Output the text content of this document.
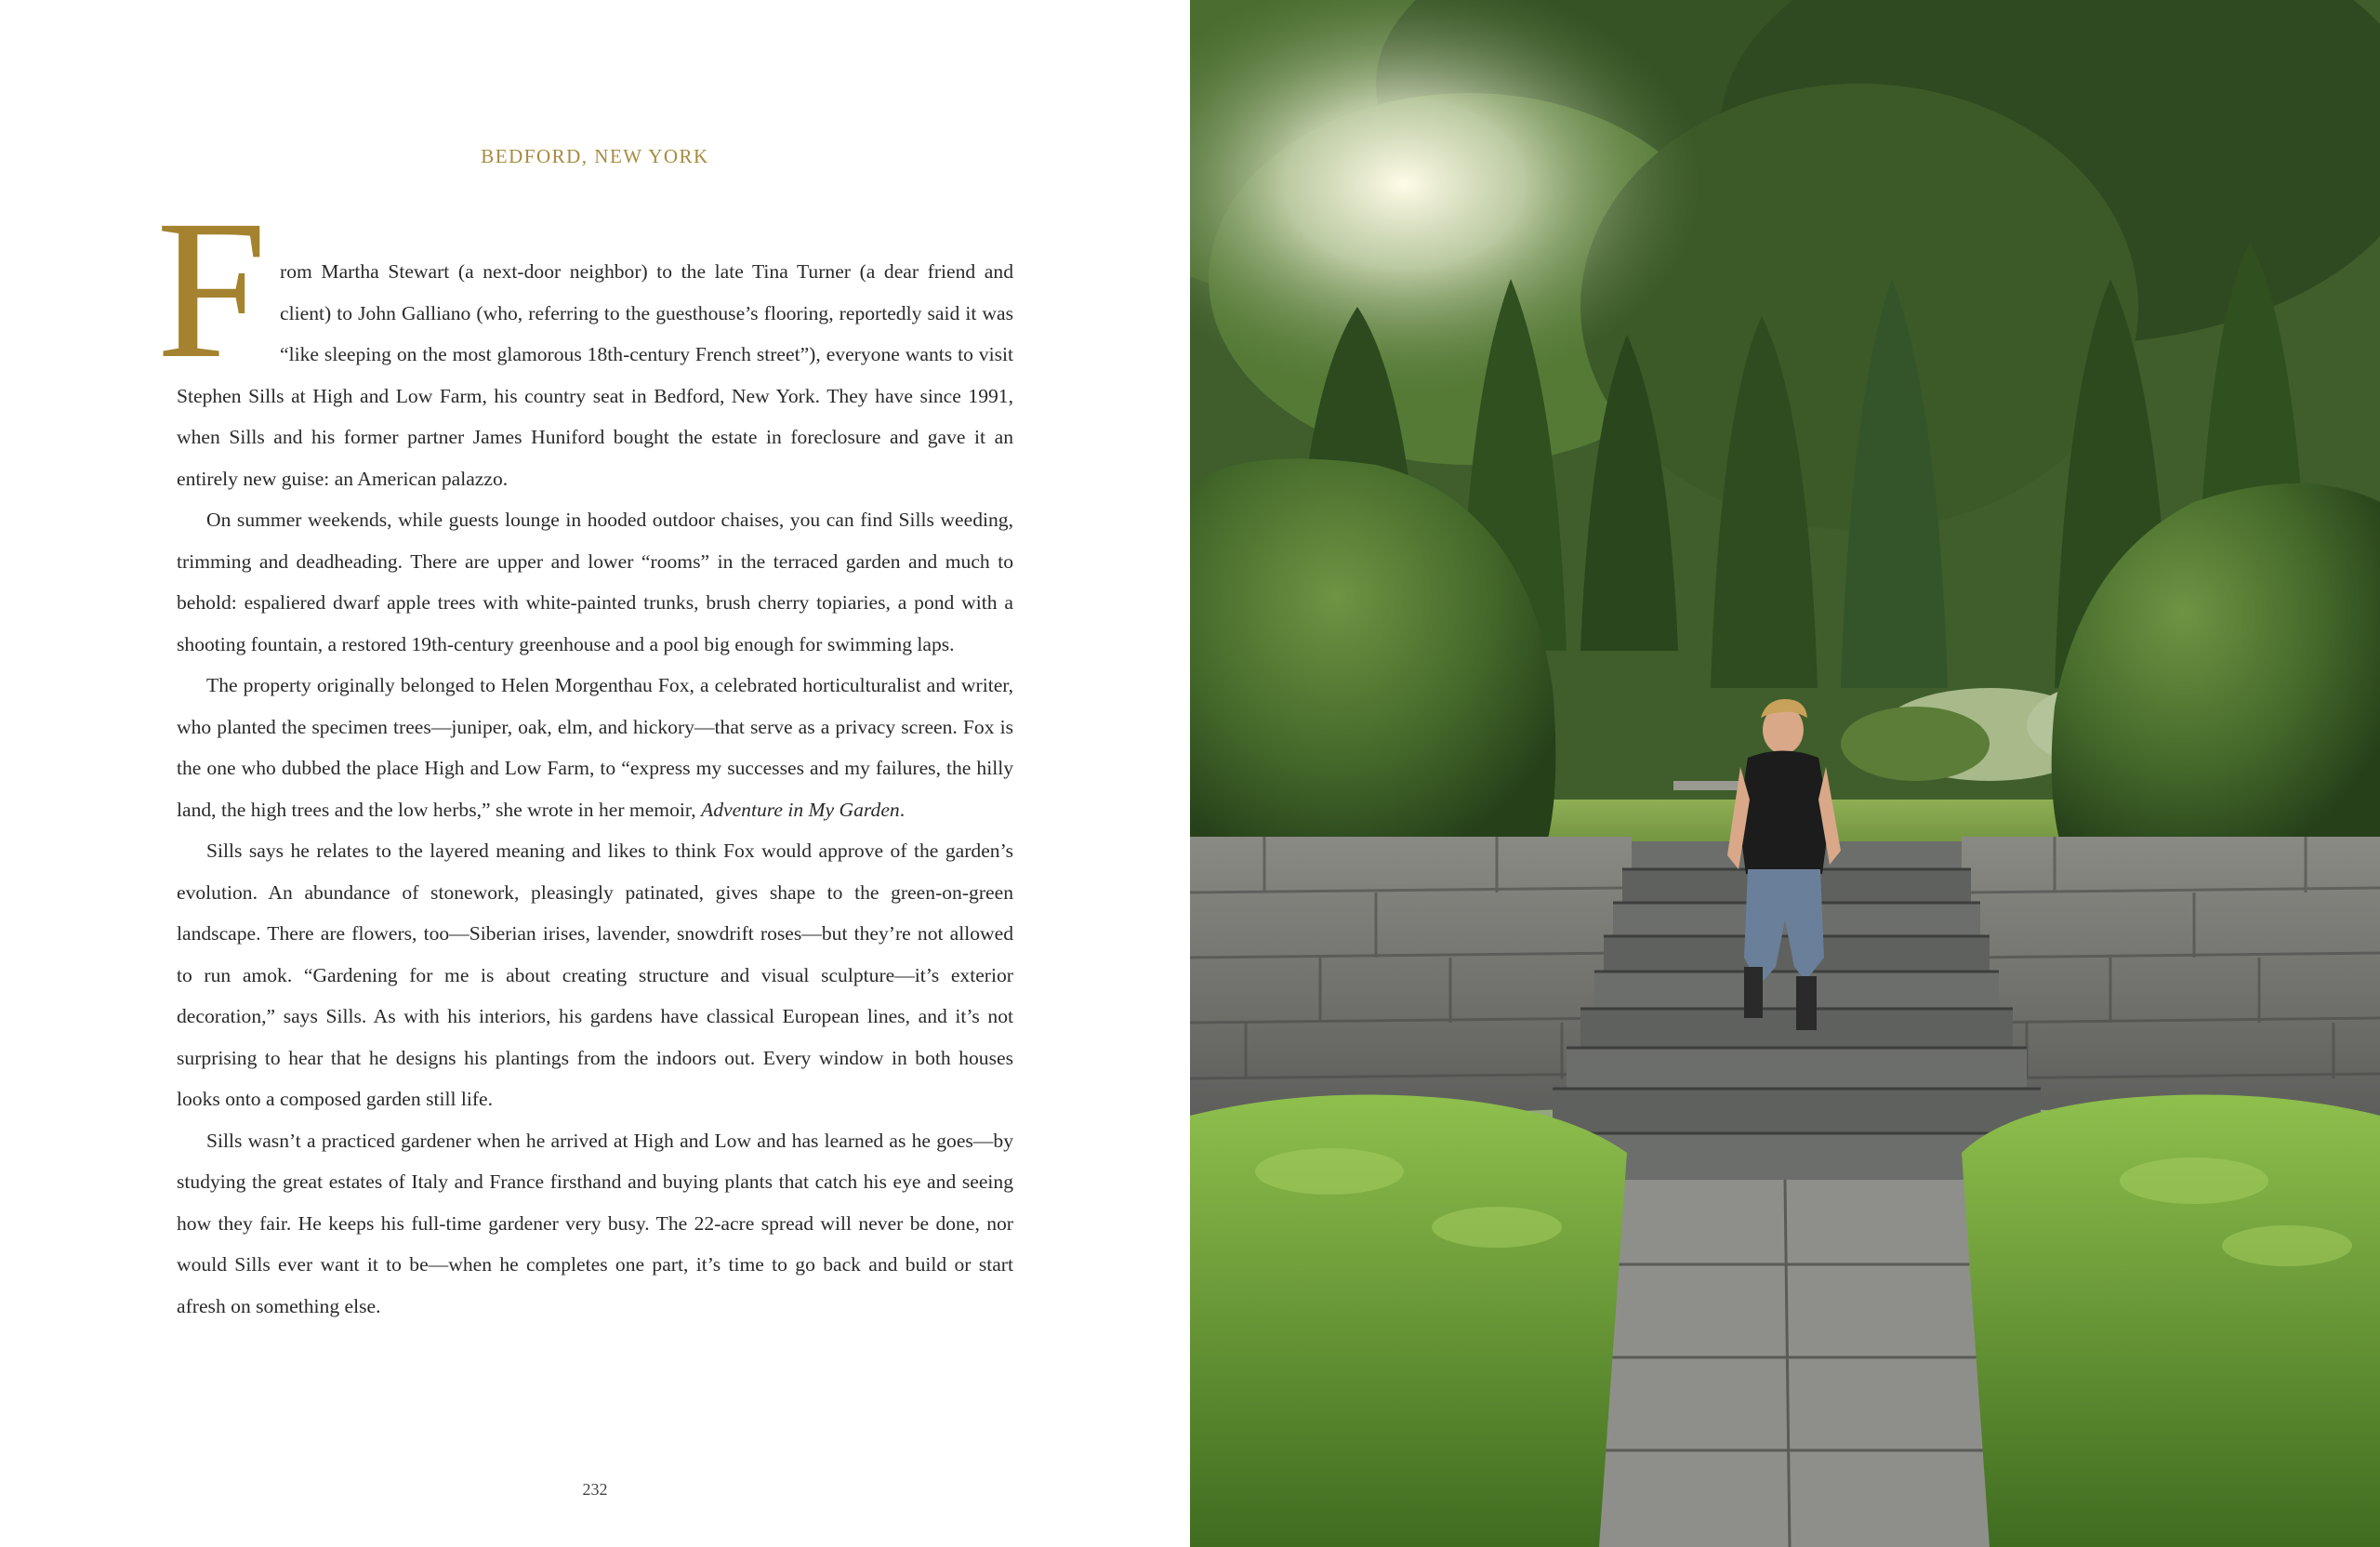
BEDFORD, NEW YORK

From Martha Stewart (a next-door neighbor) to the late Tina Turner (a dear friend and client) to John Galliano (who, referring to the guesthouse’s flooring, reportedly said it was “like sleeping on the most glamorous 18th-century French street”), everyone wants to visit Stephen Sills at High and Low Farm, his country seat in Bedford, New York. They have since 1991, when Sills and his former partner James Huniford bought the estate in foreclosure and gave it an entirely new guise: an American palazzo.

On summer weekends, while guests lounge in hooded outdoor chaises, you can find Sills weeding, trimming and deadheading. There are upper and lower “rooms” in the terraced garden and much to behold: espaliered dwarf apple trees with white-painted trunks, brush cherry topiaries, a pond with a shooting fountain, a restored 19th-century greenhouse and a pool big enough for swimming laps.

The property originally belonged to Helen Morgenthau Fox, a celebrated horticulturalist and writer, who planted the specimen trees—juniper, oak, elm, and hickory—that serve as a privacy screen. Fox is the one who dubbed the place High and Low Farm, to “express my successes and my failures, the hilly land, the high trees and the low herbs,” she wrote in her memoir, Adventure in My Garden.

Sills says he relates to the layered meaning and likes to think Fox would approve of the garden’s evolution. An abundance of stonework, pleasingly patinated, gives shape to the green-on-green landscape. There are flowers, too—Siberian irises, lavender, snowdrift roses—but they’re not allowed to run amok. “Gardening for me is about creating structure and visual sculpture—it’s exterior decoration,” says Sills. As with his interiors, his gardens have classical European lines, and it’s not surprising to hear that he designs his plantings from the indoors out. Every window in both houses looks onto a composed garden still life.

Sills wasn’t a practiced gardener when he arrived at High and Low and has learned as he goes—by studying the great estates of Italy and France firsthand and buying plants that catch his eye and seeing how they fair. He keeps his full-time gardener very busy. The 22-acre spread will never be done, nor would Sills ever want it to be—when he completes one part, it’s time to go back and build or start afresh on something else.

232
